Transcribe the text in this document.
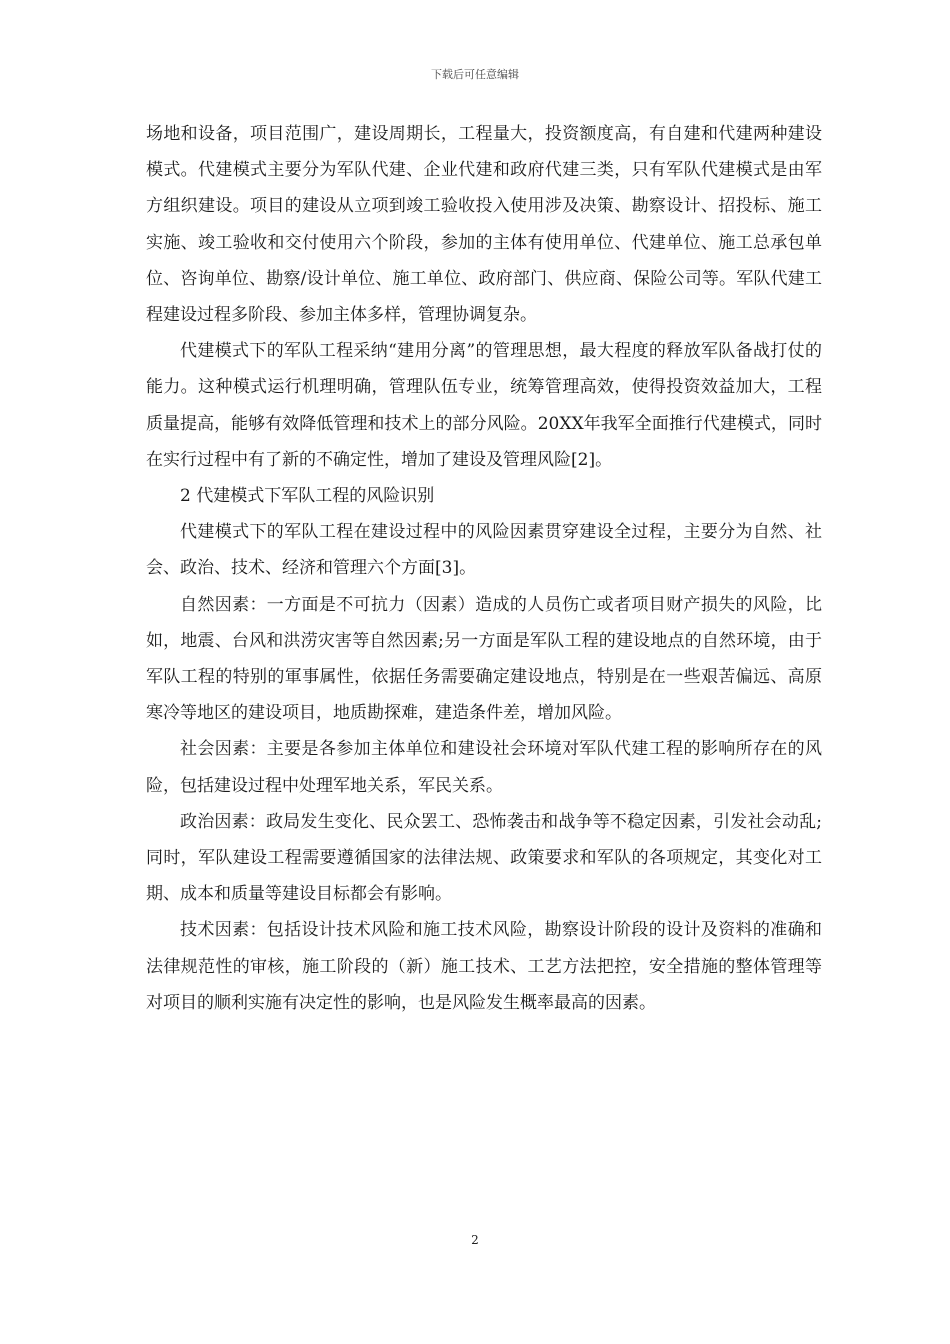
下载后可任意编辑

场地和设备，项目范围广，建设周期长，工程量大，投资额度高，有自建和代建两种建设模式。代建模式主要分为军队代建、企业代建和政府代建三类，只有军队代建模式是由军方组织建设。项目的建设从立项到竣工验收投入使用涉及决策、勘察设计、招投标、施工实施、竣工验收和交付使用六个阶段，参加的主体有使用单位、代建单位、施工总承包单位、咨询单位、勘察/设计单位、施工单位、政府部门、供应商、保险公司等。军队代建工程建设过程多阶段、参加主体多样，管理协调复杂。

代建模式下的军队工程采纳“建用分离”的管理思想，最大程度的释放军队备战打仗的能力。这种模式运行机理明确，管理队伍专业，统筹管理高效，使得投资效益加大，工程质量提高，能够有效降低管理和技术上的部分风险。20XX年我军全面推行代建模式，同时在实行过程中有了新的不确定性，增加了建设及管理风险[2]。

2 代建模式下军队工程的风险识别

代建模式下的军队工程在建设过程中的风险因素贯穿建设全过程，主要分为自然、社会、政治、技术、经济和管理六个方面[3]。

自然因素：一方面是不可抗力（因素）造成的人员伤亡或者项目财产损失的风险，比如，地震、台风和洪涝灾害等自然因素;另一方面是军队工程的建设地点的自然环境，由于军队工程的特别的軍事属性，依据任务需要确定建设地点，特别是在一些艰苦偏远、高原寒冷等地区的建设项目，地质勘探难，建造条件差，增加风险。

社会因素：主要是各参加主体单位和建设社会环境对军队代建工程的影响所存在的风险，包括建设过程中处理军地关系，军民关系。

政治因素：政局发生变化、民众罢工、恐怖袭击和战争等不稳定因素，引发社会动乱;同时，军队建设工程需要遵循国家的法律法规、政策要求和军队的各项规定，其变化对工期、成本和质量等建设目标都会有影响。

技术因素：包括设计技术风险和施工技术风险，勘察设计阶段的设计及资料的准确和法律规范性的审核，施工阶段的（新）施工技术、工艺方法把控，安全措施的整体管理等对项目的顺利实施有决定性的影响，也是风险发生概率最高的因素。

2
